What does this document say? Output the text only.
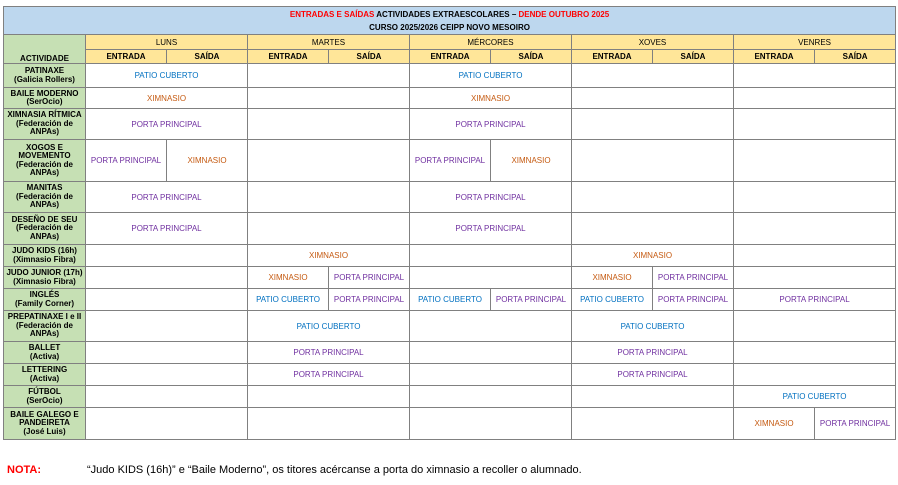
ENTRADAS E SAÍDAS ACTIVIDADES EXTRAESCOLARES – DENDE OUTUBRO 2025
CURSO 2025/2026 CEIPP NOVO MESOIRO										
ACTIVIDADE	LUNS		MARTES		MÉRCORES		XOVES		VENRES	
	ENTRADA	SAÍDA	ENTRADA	SAÍDA	ENTRADA	SAÍDA	ENTRADA	SAÍDA	ENTRADA	SAÍDA
PATINAXE
(Galicia Rollers)	PATIO CUBERTO				PATIO CUBERTO					
BAILE MODERNO
(SerOcio)	XIMNASIO				XIMNASIO					
XIMNASIA RÍTMICA
(Federación de ANPAs)	PORTA PRINCIPAL				PORTA PRINCIPAL					
XOGOS E MOVEMENTO
(Federación de ANPAs)	PORTA PRINCIPAL	XIMNASIO			PORTA PRINCIPAL	XIMNASIO				
MANITAS
(Federación de ANPAs)	PORTA PRINCIPAL				PORTA PRINCIPAL					
DESEÑO DE SEU
(Federación de ANPAs)	PORTA PRINCIPAL				PORTA PRINCIPAL					
JUDO KIDS (16h)
(Ximnasio Fibra)			XIMNASIO				XIMNASIO			
JUDO JUNIOR (17h)
(Ximnasio Fibra)			XIMNASIO	PORTA PRINCIPAL			XIMNASIO	PORTA PRINCIPAL		
INGLÉS
(Family Corner)			PATIO CUBERTO	PORTA PRINCIPAL	PATIO CUBERTO	PORTA PRINCIPAL	PATIO CUBERTO	PORTA PRINCIPAL	PORTA PRINCIPAL	
PREPATINAXE I e II
(Federación de ANPAs)			PATIO CUBERTO				PATIO CUBERTO			
BALLET
(Activa)			PORTA PRINCIPAL				PORTA PRINCIPAL			
LETTERING
(Activa)			PORTA PRINCIPAL				PORTA PRINCIPAL			
FÚTBOL
(SerOcio)									PATIO CUBERTO	
BAILE GALEGO E PANDEIRETA
(José Luis)									XIMNASIO	PORTA PRINCIPAL
NOTA:	“Judo KIDS (16h)” e “Baile Moderno”, os titores acércanse a porta do ximnasio a recoller o alumnado.
